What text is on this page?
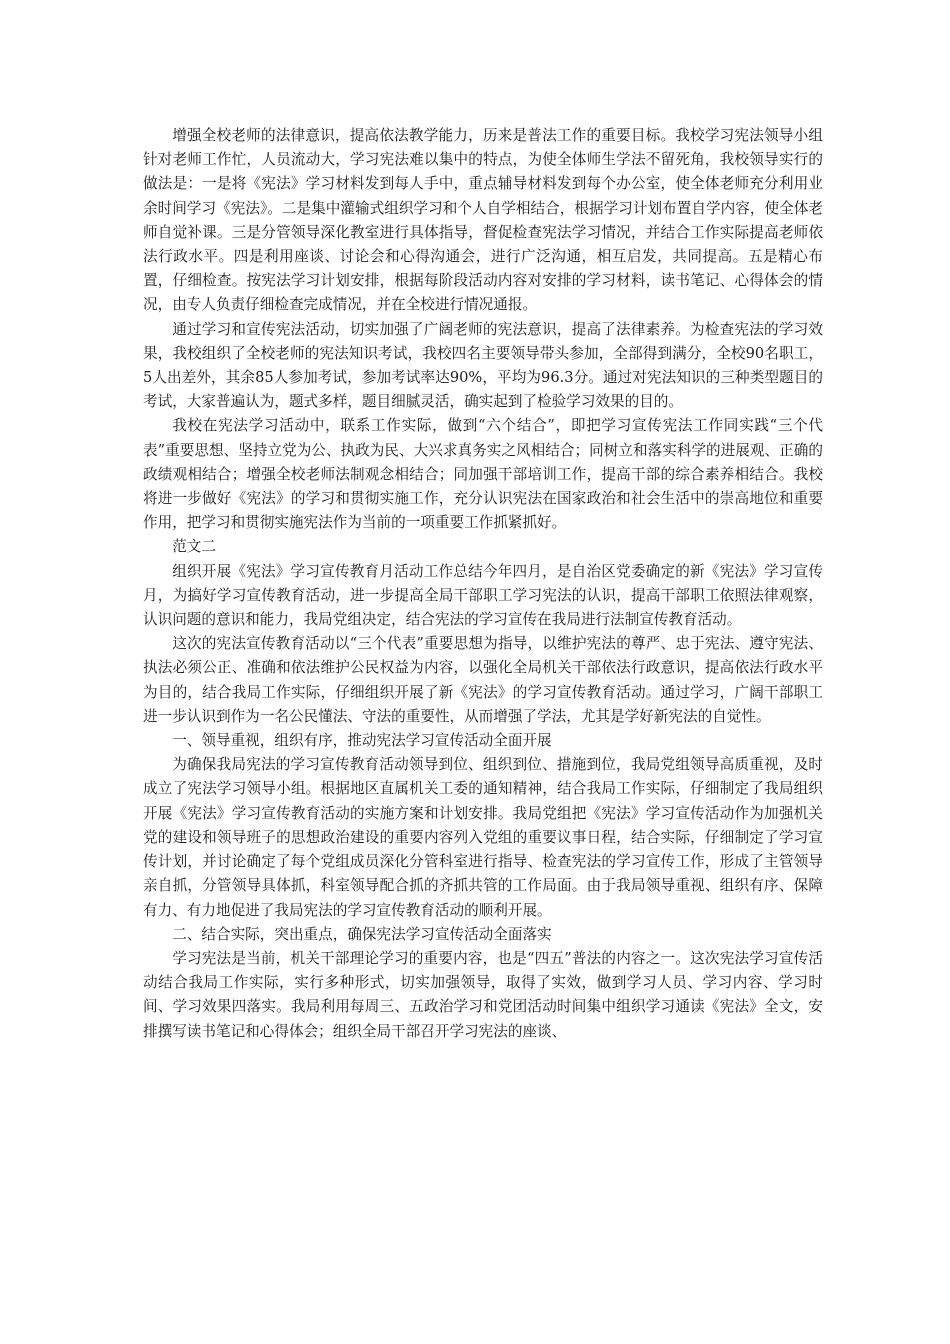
增强全校老师的法律意识，提高依法教学能力，历来是普法工作的重要目标。我校学习宪法领导小组针对老师工作忙，人员流动大，学习宪法难以集中的特点，为使全体师生学法不留死角，我校领导实行的做法是：一是将《宪法》学习材料发到每人手中，重点辅导材料发到每个办公室，使全体老师充分利用业余时间学习《宪法》。二是集中灌输式组织学习和个人自学相结合，根据学习计划布置自学内容，使全体老师自觉补课。三是分管领导深化教室进行具体指导，督促检查宪法学习情况，并结合工作实际提高老师依法行政水平。四是利用座谈、讨论会和心得沟通会，进行广泛沟通，相互启发，共同提高。五是精心布置，仔细检查。按宪法学习计划安排，根据每阶段活动内容对安排的学习材料，读书笔记、心得体会的情况，由专人负责仔细检查完成情况，并在全校进行情况通报。

通过学习和宣传宪法活动，切实加强了广阔老师的宪法意识，提高了法律素养。为检查宪法的学习效果，我校组织了全校老师的宪法知识考试，我校四名主要领导带头参加，全部得到满分，全校90名职工，5人出差外，其余85人参加考试，参加考试率达90%，平均为96.3分。通过对宪法知识的三种类型题目的考试，大家普遍认为，题式多样，题目细腻灵活，确实起到了检验学习效果的目的。

我校在宪法学习活动中，联系工作实际，做到“六个结合”，即把学习宣传宪法工作同实践“三个代表”重要思想、坚持立党为公、执政为民、大兴求真务实之风相结合；同树立和落实科学的进展观、正确的政绩观相结合；增强全校老师法制观念相结合；同加强干部培训工作，提高干部的综合素养相结合。我校将进一步做好《宪法》的学习和贯彻实施工作，充分认识宪法在国家政治和社会生活中的崇高地位和重要作用，把学习和贯彻实施宪法作为当前的一项重要工作抓紧抓好。

范文二

组织开展《宪法》学习宣传教育月活动工作总结今年四月，是自治区党委确定的新《宪法》学习宣传月，为搞好学习宣传教育活动，进一步提高全局干部职工学习宪法的认识，提高干部职工依照法律观察，认识问题的意识和能力，我局党组决定，结合宪法的学习宣传在我局进行法制宣传教育活动。

这次的宪法宣传教育活动以“三个代表”重要思想为指导，以维护宪法的尊严、忠于宪法、遵守宪法、执法必须公正、准确和依法维护公民权益为内容，以强化全局机关干部依法行政意识，提高依法行政水平为目的，结合我局工作实际，仔细组织开展了新《宪法》的学习宣传教育活动。通过学习，广阔干部职工进一步认识到作为一名公民懂法、守法的重要性，从而增强了学法，尤其是学好新宪法的自觉性。

一、领导重视，组织有序，推动宪法学习宣传活动全面开展

为确保我局宪法的学习宣传教育活动领导到位、组织到位、措施到位，我局党组领导高质重视，及时成立了宪法学习领导小组。根据地区直属机关工委的通知精神，结合我局工作实际，仔细制定了我局组织开展《宪法》学习宣传教育活动的实施方案和计划安排。我局党组把《宪法》学习宣传活动作为加强机关党的建设和领导班子的思想政治建设的重要内容列入党组的重要议事日程，结合实际，仔细制定了学习宣传计划，并讨论确定了每个党组成员深化分管科室进行指导、检查宪法的学习宣传工作，形成了主管领导亲自抓，分管领导具体抓，科室领导配合抓的齐抓共管的工作局面。由于我局领导重视、组织有序、保障有力、有力地促进了我局宪法的学习宣传教育活动的顺利开展。

二、结合实际，突出重点，确保宪法学习宣传活动全面落实

学习宪法是当前，机关干部理论学习的重要内容，也是“四五”普法的内容之一。这次宪法学习宣传活动结合我局工作实际，实行多种形式，切实加强领导，取得了实效，做到学习人员、学习内容、学习时间、学习效果四落实。我局利用每周三、五政治学习和党团活动时间集中组织学习通读《宪法》全文，安排撰写读书笔记和心得体会；组织全局干部召开学习宪法的座谈、
